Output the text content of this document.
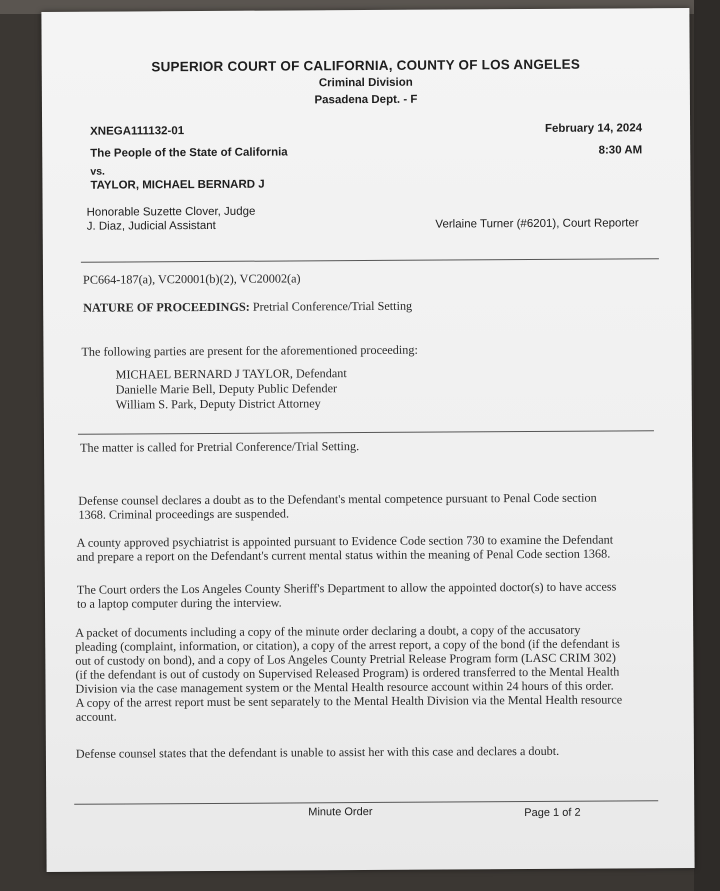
SUPERIOR COURT OF CALIFORNIA, COUNTY OF LOS ANGELES
Criminal Division
Pasadena Dept. - F
XNEGA111132-01	February 14, 2024
The People of the State of California	8:30 AM
vs.
TAYLOR, MICHAEL BERNARD J
Honorable Suzette Clover, Judge
J. Diaz, Judicial Assistant	Verlaine Turner (#6201), Court Reporter
PC664-187(a), VC20001(b)(2), VC20002(a)
NATURE OF PROCEEDINGS: Pretrial Conference/Trial Setting
The following parties are present for the aforementioned proceeding:
MICHAEL BERNARD J TAYLOR, Defendant
Danielle Marie Bell, Deputy Public Defender
William S. Park, Deputy District Attorney
The matter is called for Pretrial Conference/Trial Setting.
Defense counsel declares a doubt as to the Defendant's mental competence pursuant to Penal Code section
1368. Criminal proceedings are suspended.
A county approved psychiatrist is appointed pursuant to Evidence Code section 730 to examine the Defendant
and prepare a report on the Defendant's current mental status within the meaning of Penal Code section 1368.
The Court orders the Los Angeles County Sheriff's Department to allow the appointed doctor(s) to have access
to a laptop computer during the interview.
A packet of documents including a copy of the minute order declaring a doubt, a copy of the accusatory
pleading (complaint, information, or citation), a copy of the arrest report, a copy of the bond (if the defendant is
out of custody on bond), and a copy of Los Angeles County Pretrial Release Program form (LASC CRIM 302)
(if the defendant is out of custody on Supervised Released Program) is ordered transferred to the Mental Health
Division via the case management system or the Mental Health resource account within 24 hours of this order.
A copy of the arrest report must be sent separately to the Mental Health Division via the Mental Health resource
account.
Defense counsel states that the defendant is unable to assist her with this case and declares a doubt.
Minute Order	Page 1 of 2
